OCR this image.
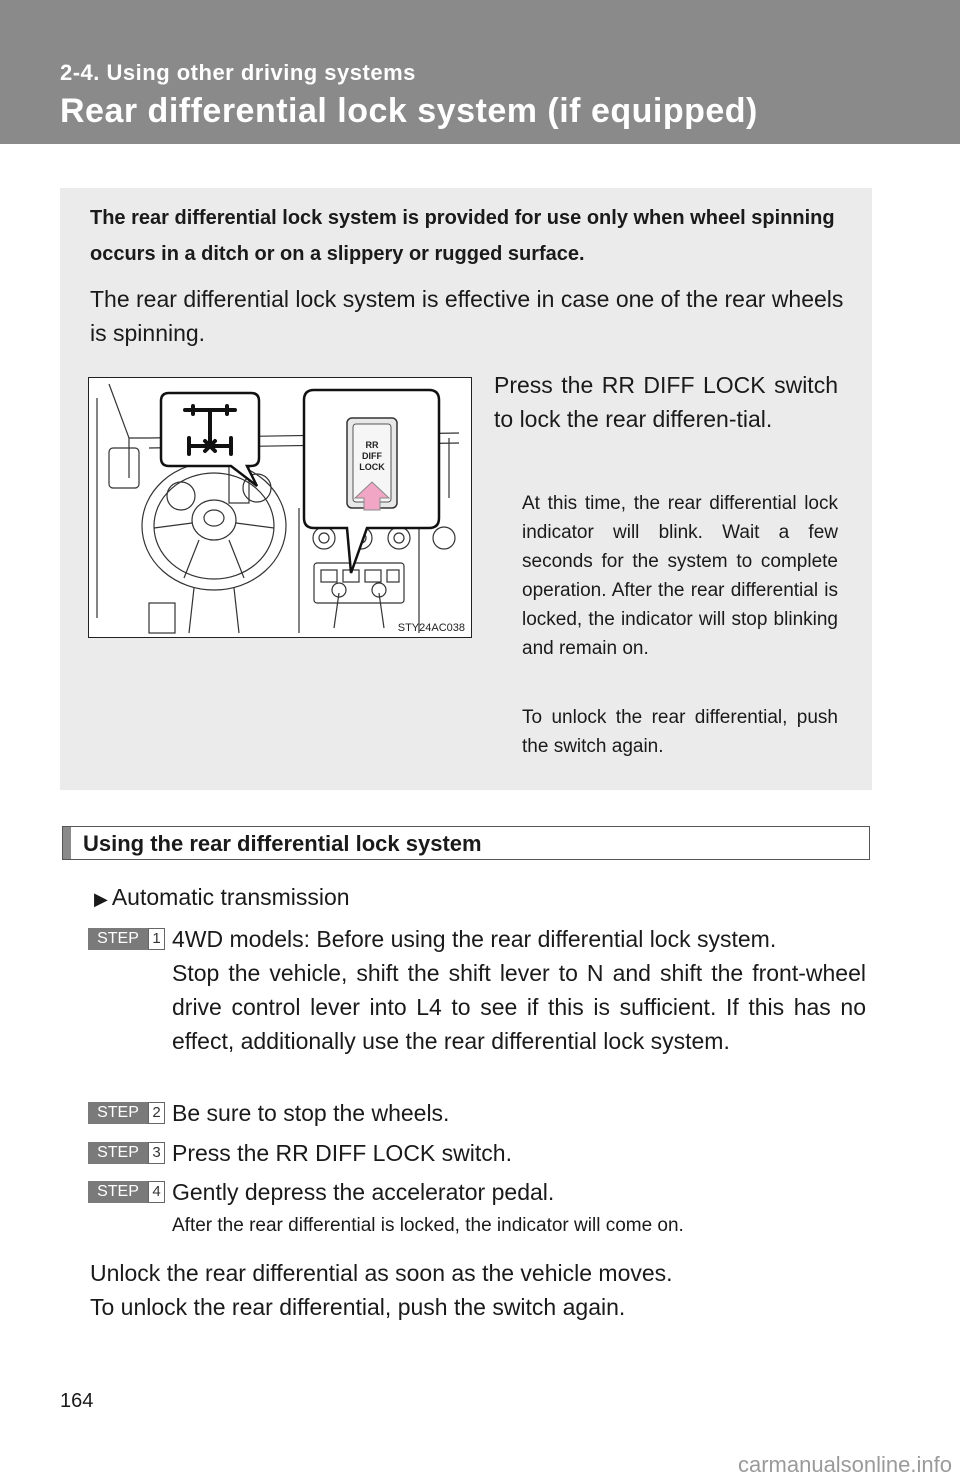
2-4. Using other driving systems
Rear differential lock system (if equipped)
The rear differential lock system is provided for use only when wheel spinning occurs in a ditch or on a slippery or rugged surface.
The rear differential lock system is effective in case one of the rear wheels is spinning.
RR
DIFF
LOCK
STY24AC038
Press the RR DIFF LOCK switch to lock the rear differen-tial.
At this time, the rear differential lock indicator will blink. Wait a few seconds for the system to complete operation. After the rear differential is locked, the indicator will stop blinking and remain on.
To unlock the rear differential, push the switch again.
Using the rear differential lock system
▶ Automatic transmission
STEP 1 4WD models: Before using the rear differential lock system.
Stop the vehicle, shift the shift lever to N and shift the front-wheel drive control lever into L4 to see if this is sufficient. If this has no effect, additionally use the rear differential lock system.
STEP 2 Be sure to stop the wheels.
STEP 3 Press the RR DIFF LOCK switch.
STEP 4 Gently depress the accelerator pedal.
After the rear differential is locked, the indicator will come on.
Unlock the rear differential as soon as the vehicle moves.
To unlock the rear differential, push the switch again.
164
carmanualsonline.info
